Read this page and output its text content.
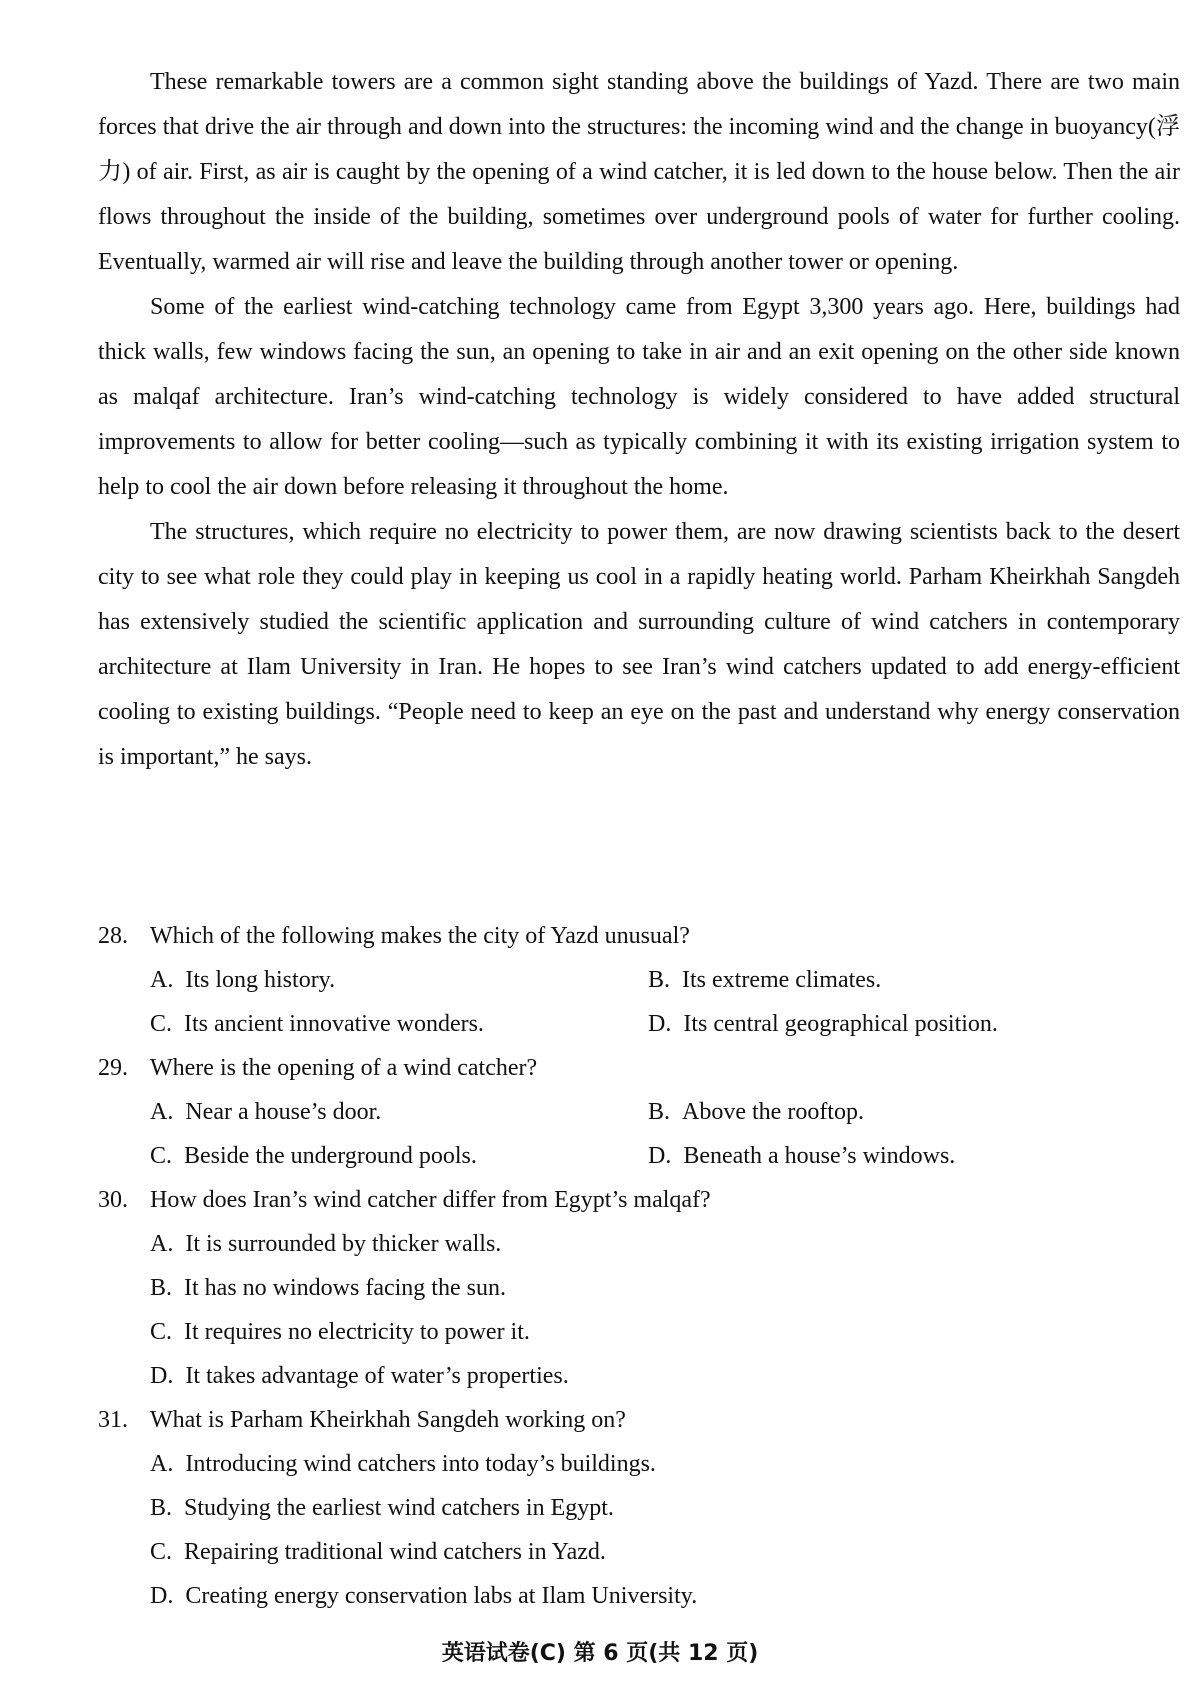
These remarkable towers are a common sight standing above the buildings of Yazd. There are two main forces that drive the air through and down into the structures: the incoming wind and the change in buoyancy(浮力) of air. First, as air is caught by the opening of a wind catcher, it is led down to the house below. Then the air flows throughout the inside of the building, sometimes over underground pools of water for further cooling. Eventually, warmed air will rise and leave the building through another tower or opening.

Some of the earliest wind-catching technology came from Egypt 3,300 years ago. Here, buildings had thick walls, few windows facing the sun, an opening to take in air and an exit opening on the other side known as malqaf architecture. Iran’s wind-catching technology is widely considered to have added structural improvements to allow for better cooling—such as typically combining it with its existing irrigation system to help to cool the air down before releasing it throughout the home.

The structures, which require no electricity to power them, are now drawing scientists back to the desert city to see what role they could play in keeping us cool in a rapidly heating world. Parham Kheirkhah Sangdeh has extensively studied the scientific application and surrounding culture of wind catchers in contemporary architecture at Ilam University in Iran. He hopes to see Iran’s wind catchers updated to add energy-efficient cooling to existing buildings. “People need to keep an eye on the past and understand why energy conservation is important,” he says.

28. Which of the following makes the city of Yazd unusual?

A. Its long history.	B. Its extreme climates.

C. Its ancient innovative wonders.	D. Its central geographical position.

29. Where is the opening of a wind catcher?

A. Near a house’s door.	B. Above the rooftop.

C. Beside the underground pools.	D. Beneath a house’s windows.

30. How does Iran’s wind catcher differ from Egypt’s malqaf?

A. It is surrounded by thicker walls.

B. It has no windows facing the sun.

C. It requires no electricity to power it.

D. It takes advantage of water’s properties.

31. What is Parham Kheirkhah Sangdeh working on?

A. Introducing wind catchers into today’s buildings.

B. Studying the earliest wind catchers in Egypt.

C. Repairing traditional wind catchers in Yazd.

D. Creating energy conservation labs at Ilam University.

英语试卷(C) 第 6 页(共 12 页)
